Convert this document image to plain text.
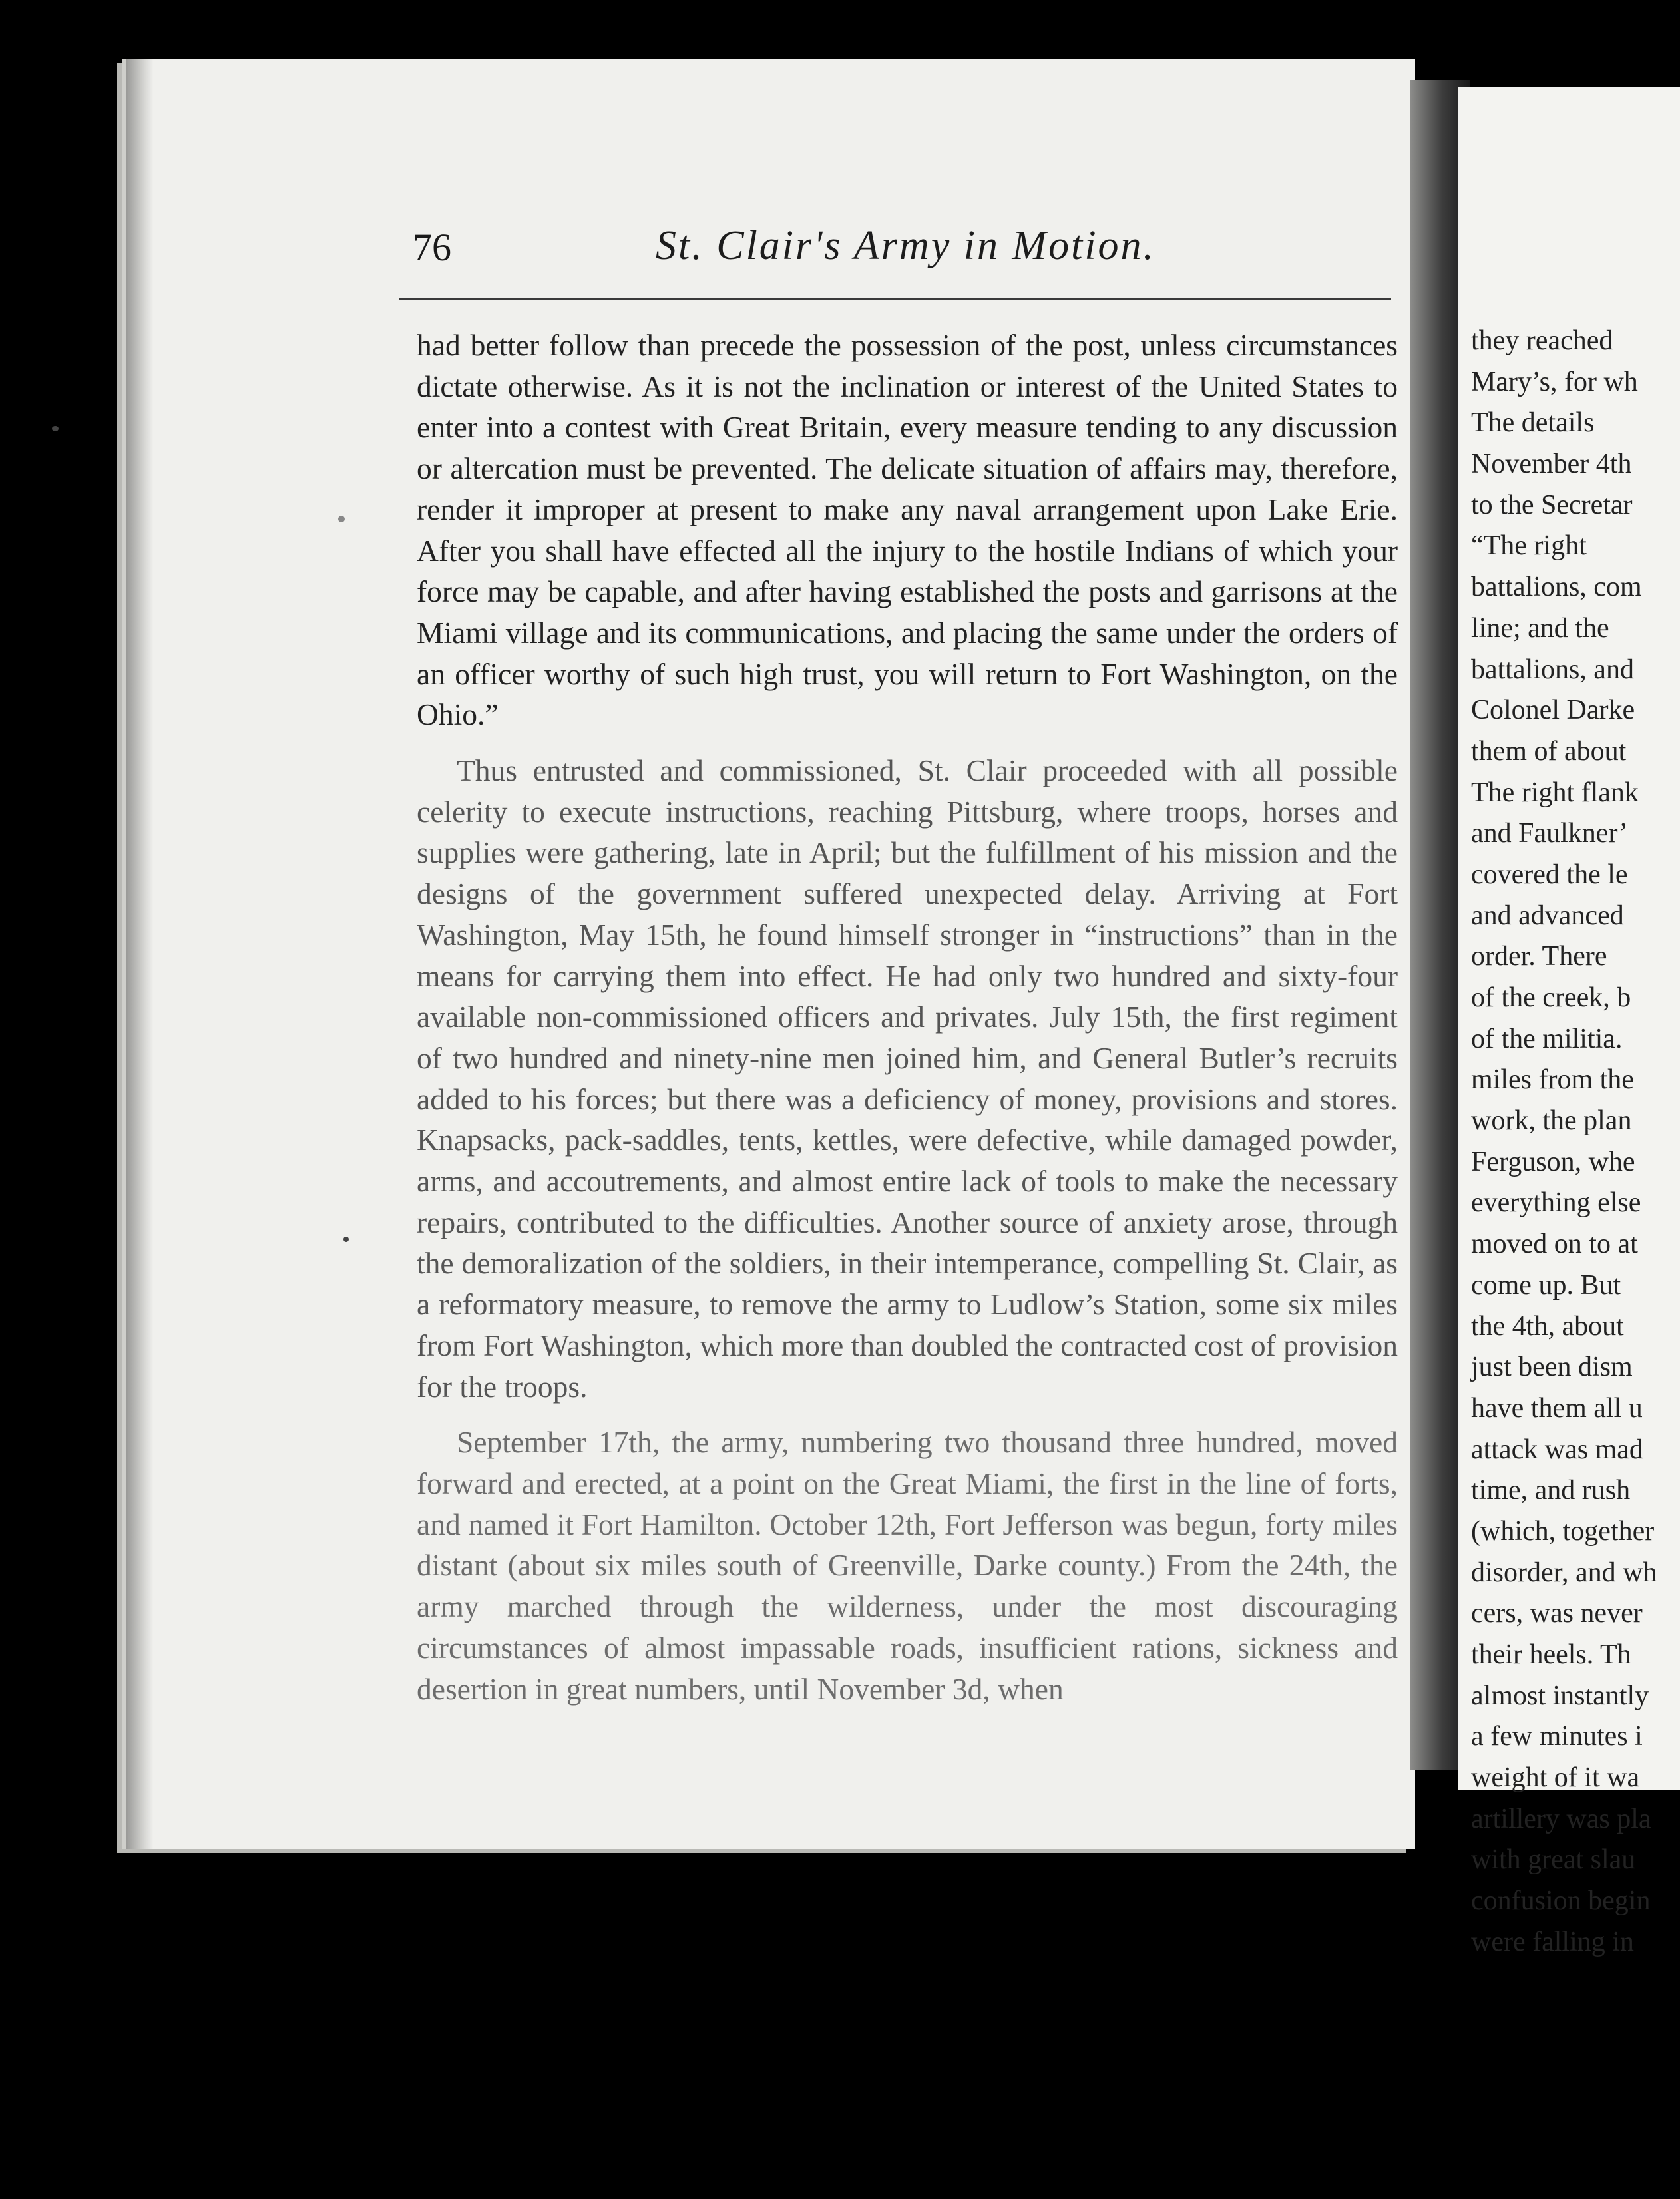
76	St. Clair's Army in Motion.

had better follow than precede the possession of the post, unless circumstances dictate otherwise. As it is not the inclination or interest of the United States to enter into a contest with Great Britain, every measure tending to any discussion or altercation must be prevented. The delicate situation of affairs may, therefore, render it improper at present to make any naval arrangement upon Lake Erie. After you shall have effected all the injury to the hostile Indians of which your force may be capable, and after having established the posts and garrisons at the Miami village and its communications, and placing the same under the orders of an officer worthy of such high trust, you will return to Fort Washington, on the Ohio.”

Thus entrusted and commissioned, St. Clair proceeded with all possible celerity to execute instructions, reaching Pittsburg, where troops, horses and supplies were gathering, late in April; but the fulfillment of his mission and the designs of the government suffered unexpected delay. Arriving at Fort Washington, May 15th, he found himself stronger in “instructions” than in the means for carrying them into effect. He had only two hundred and sixty-four available non-commissioned officers and privates. July 15th, the first regiment of two hundred and ninety-nine men joined him, and General Butler’s recruits added to his forces; but there was a deficiency of money, provisions and stores. Knapsacks, pack-saddles, tents, kettles, were defective, while damaged powder, arms, and accoutrements, and almost entire lack of tools to make the necessary repairs, contributed to the difficulties. Another source of anxiety arose, through the demoralization of the soldiers, in their intemperance, compelling St. Clair, as a reformatory measure, to remove the army to Ludlow’s Station, some six miles from Fort Washington, which more than doubled the contracted cost of provision for the troops.

September 17th, the army, numbering two thousand three hundred, moved forward and erected, at a point on the Great Miami, the first in the line of forts, and named it Fort Hamilton. October 12th, Fort Jefferson was begun, forty miles distant (about six miles south of Greenville, Darke county.) From the 24th, the army marched through the wilderness, under the most discouraging circumstances of almost impassable roads, insufficient rations, sickness and desertion in great numbers, until November 3d, when

they reached
Mary’s, for wh
The details
November 4th
to the Secretar
“The right
battalions, com
line; and the
battalions, and
Colonel Darke
them of about
The right flank
and Faulkner’
covered the le
and advanced
order. There
of the creek, b
of the militia.
miles from the
work, the plan
Ferguson, whe
everything else
moved on to at
come up. But
the 4th, about
just been dism
have them all u
attack was mad
time, and rush
(which, together
disorder, and wh
cers, was never
their heels. Th
almost instantly
a few minutes i
weight of it wa
artillery was pla
with great slau
confusion begin
were falling in
